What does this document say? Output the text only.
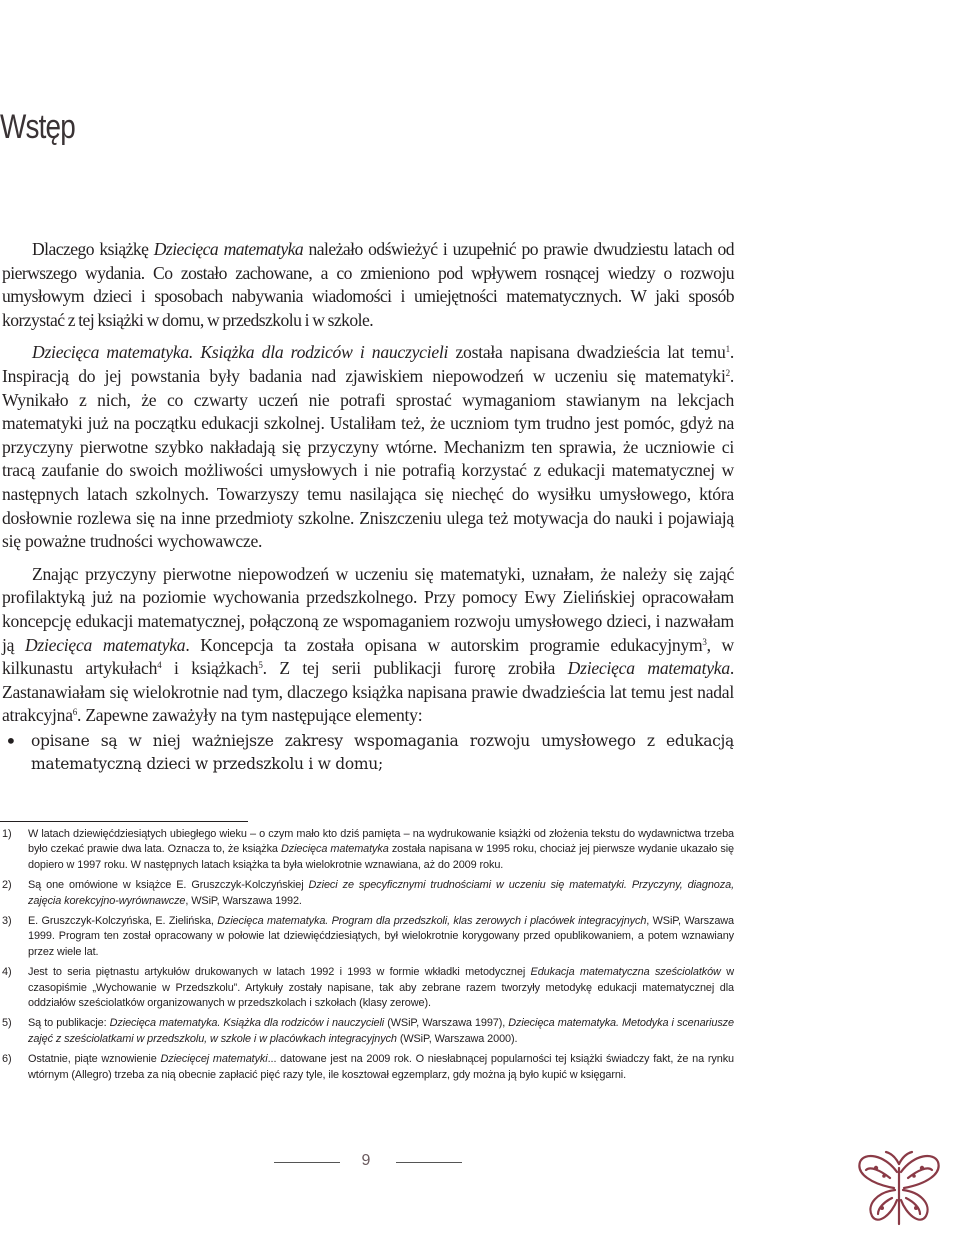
Wstęp

Dlaczego książkę Dziecięca matematyka należało odświeżyć i uzupełnić po prawie dwudziestu latach od pierwszego wydania. Co zostało zachowane, a co zmieniono pod wpływem rosnącej wiedzy o rozwoju umysłowym dzieci i sposobach nabywania wiadomości i umiejętności matematycznych. W jaki sposób korzystać z tej książki w domu, w przedszkolu i w szkole.

Dziecięca matematyka. Książka dla rodziców i nauczycieli została napisana dwadzieścia lat temu$^1$. Inspiracją do jej powstania były badania nad zjawiskiem niepowodzeń w uczeniu się matematyki$^2$. Wynikało z nich, że co czwarty uczeń nie potrafi sprostać wymaganiom stawianym na lekcjach matematyki już na początku edukacji szkolnej. Ustaliłam też, że uczniom tym trudno jest pomóc, gdyż na przyczyny pierwotne szybko nakładają się przyczyny wtórne. Mechanizm ten sprawia, że uczniowie ci tracą zaufanie do swoich możliwości umysłowych i nie potrafią korzystać z edukacji matematycznej w następnych latach szkolnych. Towarzyszy temu nasilająca się niechęć do wysiłku umysłowego, która dosłownie rozlewa się na inne przedmioty szkolne. Zniszczeniu ulega też motywacja do nauki i pojawiają się poważne trudności wychowawcze.

Znając przyczyny pierwotne niepowodzeń w uczeniu się matematyki, uznałam, że należy się zająć profilaktyką już na poziomie wychowania przedszkolnego. Przy pomocy Ewy Zielińskiej opracowałam koncepcję edukacji matematycznej, połączoną ze wspomaganiem rozwoju umysłowego dzieci, i nazwałam ją Dziecięca matematyka. Koncepcja ta została opisana w autorskim programie edukacyjnym$^3$, w kilkunastu artykułach$^4$ i książkach$^5$. Z tej serii publikacji furorę zrobiła Dziecięca matematyka. Zastanawiałam się wielokrotnie nad tym, dlaczego książka napisana prawie dwadzieścia lat temu jest nadal atrakcyjna$^6$. Zapewne zaważyły na tym następujące elementy:

• opisane są w niej ważniejsze zakresy wspomagania rozwoju umysłowego z edukacją matematyczną dzieci w przedszkolu i w domu;
1) W latach dziewięćdziesiątych ubiegłego wieku – o czym mało kto dziś pamięta – na wydrukowanie książki od złożenia tekstu do wydawnictwa trzeba było czekać prawie dwa lata. Oznacza to, że książka Dziecięca matematyka została napisana w 1995 roku, chociaż jej pierwsze wydanie ukazało się dopiero w 1997 roku. W następnych latach książka ta była wielokrotnie wznawiana, aż do 2009 roku.
2) Są one omówione w książce E. Gruszczyk-Kolczyńskiej Dzieci ze specyficznymi trudnościami w uczeniu się matematyki. Przyczyny, diagnoza, zajęcia korekcyjno-wyrównawcze, WSiP, Warszawa 1992.
3) E. Gruszczyk-Kolczyńska, E. Zielińska, Dziecięca matematyka. Program dla przedszkoli, klas zerowych i placówek integracyjnych, WSiP, Warszawa 1999. Program ten został opracowany w połowie lat dziewięćdziesiątych, był wielokrotnie korygowany przed opublikowaniem, a potem wznawiany przez wiele lat.
4) Jest to seria piętnastu artykułów drukowanych w latach 1992 i 1993 w formie wkładki metodycznej Edukacja matematyczna sześciolatków w czasopiśmie „Wychowanie w Przedszkolu”. Artykuły zostały napisane, tak aby zebrane razem tworzyły metodykę edukacji matematycznej dla oddziałów sześciolatków organizowanych w przedszkolach i szkołach (klasy zerowe).
5) Są to publikacje: Dziecięca matematyka. Książka dla rodziców i nauczycieli (WSiP, Warszawa 1997), Dziecięca matematyka. Metodyka i scenariusze zajęć z sześciolatkami w przedszkolu, w szkole i w placówkach integracyjnych (WSiP, Warszawa 2000).
6) Ostatnie, piąte wznowienie Dziecięcej matematyki... datowane jest na 2009 rok. O niesłabnącej popularności tej książki świadczy fakt, że na rynku wtórnym (Allegro) trzeba za nią obecnie zapłacić pięć razy tyle, ile kosztował egzemplarz, gdy można ją było kupić w księgarni.
9
